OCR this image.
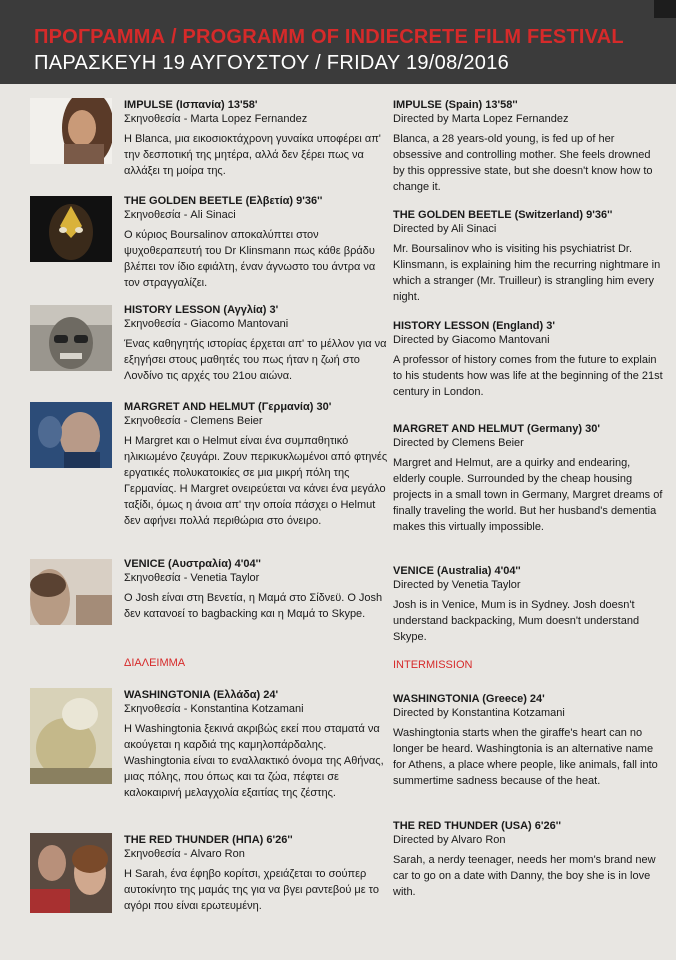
ΠΡΟΓΡΑΜΜΑ / PROGRAMM OF INDIECRETE FILM FESTIVAL
ΠΑΡΑΣΚΕΥΗ 19 ΑΥΓΟΥΣΤΟΥ / FRIDAY 19/08/2016
IMPULSE (Ισπανία) 13'58'
Σκηνοθεσία - Marta Lopez Fernandez
Η Blanca, μια εικοσιοκτάχρονη γυναίκα υποφέρει απ' την δεσποτική της μητέρα, αλλά δεν ξέρει πως να αλλάξει τη μοίρα της.
THE GOLDEN BEETLE (Ελβετία) 9'36''
Σκηνοθεσία - Ali Sinaci
Ο κύριος Boursalinov αποκαλύπτει στον ψυχοθεραπευτή του Dr Klinsmann πως κάθε βράδυ βλέπει τον ίδιο εφιάλτη, έναν άγνωστο του άντρα να τον στραγγαλίζει.
HISTORY LESSON (Αγγλία) 3'
Σκηνοθεσία - Giacomo Mantovani
Ένας καθηγητής ιστορίας έρχεται απ' το μέλλον για να εξηγήσει στους μαθητές του πως ήταν η ζωή στο Λονδίνο τις αρχές του 21ου αιώνα.
MARGRET AND HELMUT (Γερμανία) 30'
Σκηνοθεσία - Clemens Beier
Η Margret και ο Helmut είναι ένα συμπαθητικό ηλικιωμένο ζευγάρι. Ζουν περικυκλωμένοι από φτηνές εργατικές πολυκατοικίες σε μια μικρή πόλη της Γερμανίας. Η Margret ονειρεύεται να κάνει ένα μεγάλο ταξίδι, όμως η άνοια απ' την οποία πάσχει ο Helmut δεν αφήνει πολλά περιθώρια στο όνειρο.
VENICE (Αυστραλία) 4'04''
Σκηνοθεσία - Venetia Taylor
Ο Josh είναι στη Βενετία, η Μαμά στο Σίδνεϋ. Ο Josh δεν κατανοεί το bagbacking και η Μαμά το Skype.
ΔΙΑΛΕΙΜΜΑ
WASHINGTONIA (Ελλάδα) 24'
Σκηνοθεσία - Konstantina Kotzamani
Η Washingtonia ξεκινά ακριβώς εκεί που σταματά να ακούγεται η καρδιά της καμηλοπάρδαλης. Washingtonia είναι το εναλλακτικό όνομα της Αθήνας, μιας πόλης, που όπως και τα ζώα, πέφτει σε καλοκαιρινή μελαγχολία εξαιτίας της ζέστης.
THE RED THUNDER (ΗΠΑ) 6'26''
Σκηνοθεσία - Alvaro Ron
Η Sarah, ένα έφηβο κορίτσι, χρειάζεται το σούπερ αυτοκίνητο της μαμάς της για να βγει ραντεβού με το αγόρι που είναι ερωτευμένη.
IMPULSE (Spain) 13'58''
Directed by Marta Lopez Fernandez
Blanca, a 28 years-old young, is fed up of her obsessive and controlling mother. She feels drowned by this oppressive state, but she doesn't know how to change it.
THE GOLDEN BEETLE (Switzerland) 9'36''
Directed by Ali Sinaci
Mr. Boursalinov who is visiting his psychiatrist Dr. Klinsmann, is explaining him the recurring nightmare in which a stranger (Mr. Truilleur) is strangling him every night.
HISTORY LESSON (England) 3'
Directed by Giacomo Mantovani
A professor of history comes from the future to explain to his students how was life at the beginning of the 21st century in London.
MARGRET AND HELMUT (Germany) 30'
Directed by Clemens Beier
Margret and Helmut, are a quirky and endearing, elderly couple. Surrounded by the cheap housing projects in a small town in Germany, Margret dreams of finally traveling the world. But her husband's dementia makes this virtually impossible.
VENICE (Australia) 4'04''
Directed by Venetia Taylor
Josh is in Venice, Mum is in Sydney. Josh doesn't understand backpacking, Mum doesn't understand Skype.
INTERMISSION
WASHINGTONIA (Greece) 24'
Directed by Konstantina Kotzamani
Washingtonia starts when the giraffe's heart can no longer be heard. Washingtonia is an alternative name for Athens, a place where people, like animals, fall into summertime sadness because of the heat.
THE RED THUNDER (USA) 6'26''
Directed by Alvaro Ron
Sarah, a nerdy teenager, needs her mom's brand new car to go on a date with Danny, the boy she is in love with.
